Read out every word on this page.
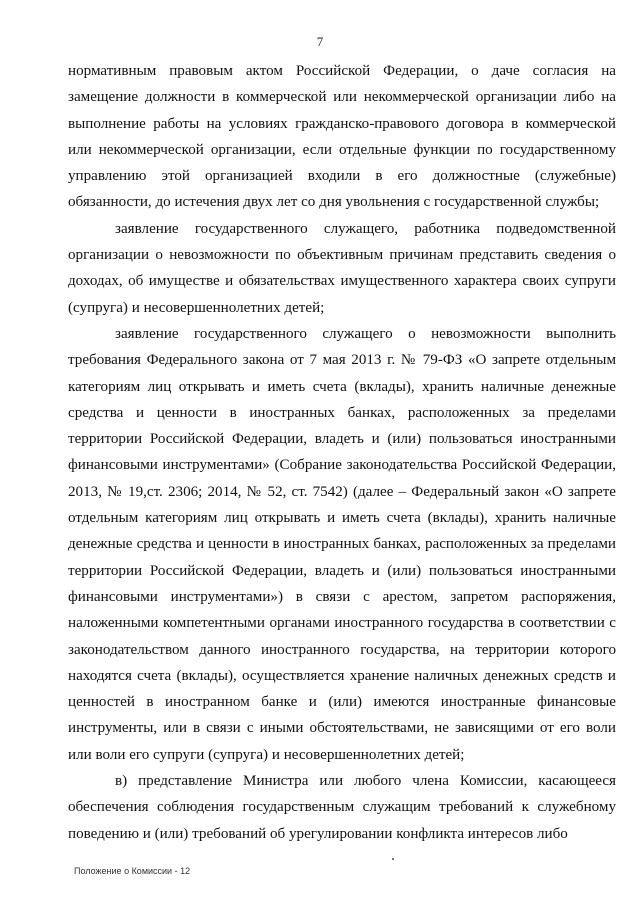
7

нормативным правовым актом Российской Федерации, о даче согласия на замещение должности в коммерческой или некоммерческой организации либо на выполнение работы на условиях гражданско-правового договора в коммерческой или некоммерческой организации, если отдельные функции по государственному управлению этой организацией входили в его должностные (служебные) обязанности, до истечения двух лет со дня увольнения с государственной службы;

заявление государственного служащего, работника подведомственной организации о невозможности по объективным причинам представить сведения о доходах, об имуществе и обязательствах имущественного характера своих супруги (супруга) и несовершеннолетних детей;

заявление государственного служащего о невозможности выполнить требования Федерального закона от 7 мая 2013 г. № 79-ФЗ «О запрете отдельным категориям лиц открывать и иметь счета (вклады), хранить наличные денежные средства и ценности в иностранных банках, расположенных за пределами территории Российской Федерации, владеть и (или) пользоваться иностранными финансовыми инструментами» (Собрание законодательства Российской Федерации, 2013, № 19,ст. 2306; 2014, № 52, ст. 7542) (далее – Федеральный закон «О запрете отдельным категориям лиц открывать и иметь счета (вклады), хранить наличные денежные средства и ценности в иностранных банках, расположенных за пределами территории Российской Федерации, владеть и (или) пользоваться иностранными финансовыми инструментами») в связи с арестом, запретом распоряжения, наложенными компетентными органами иностранного государства в соответствии с законодательством данного иностранного государства, на территории которого находятся счета (вклады), осуществляется хранение наличных денежных средств и ценностей в иностранном банке и (или) имеются иностранные финансовые инструменты, или в связи с иными обстоятельствами, не зависящими от его воли или воли его супруги (супруга) и несовершеннолетних детей;

в) представление Министра или любого члена Комиссии, касающееся обеспечения соблюдения государственным служащим требований к служебному поведению и (или) требований об урегулировании конфликта интересов либо

Положение о Комиссии - 12
